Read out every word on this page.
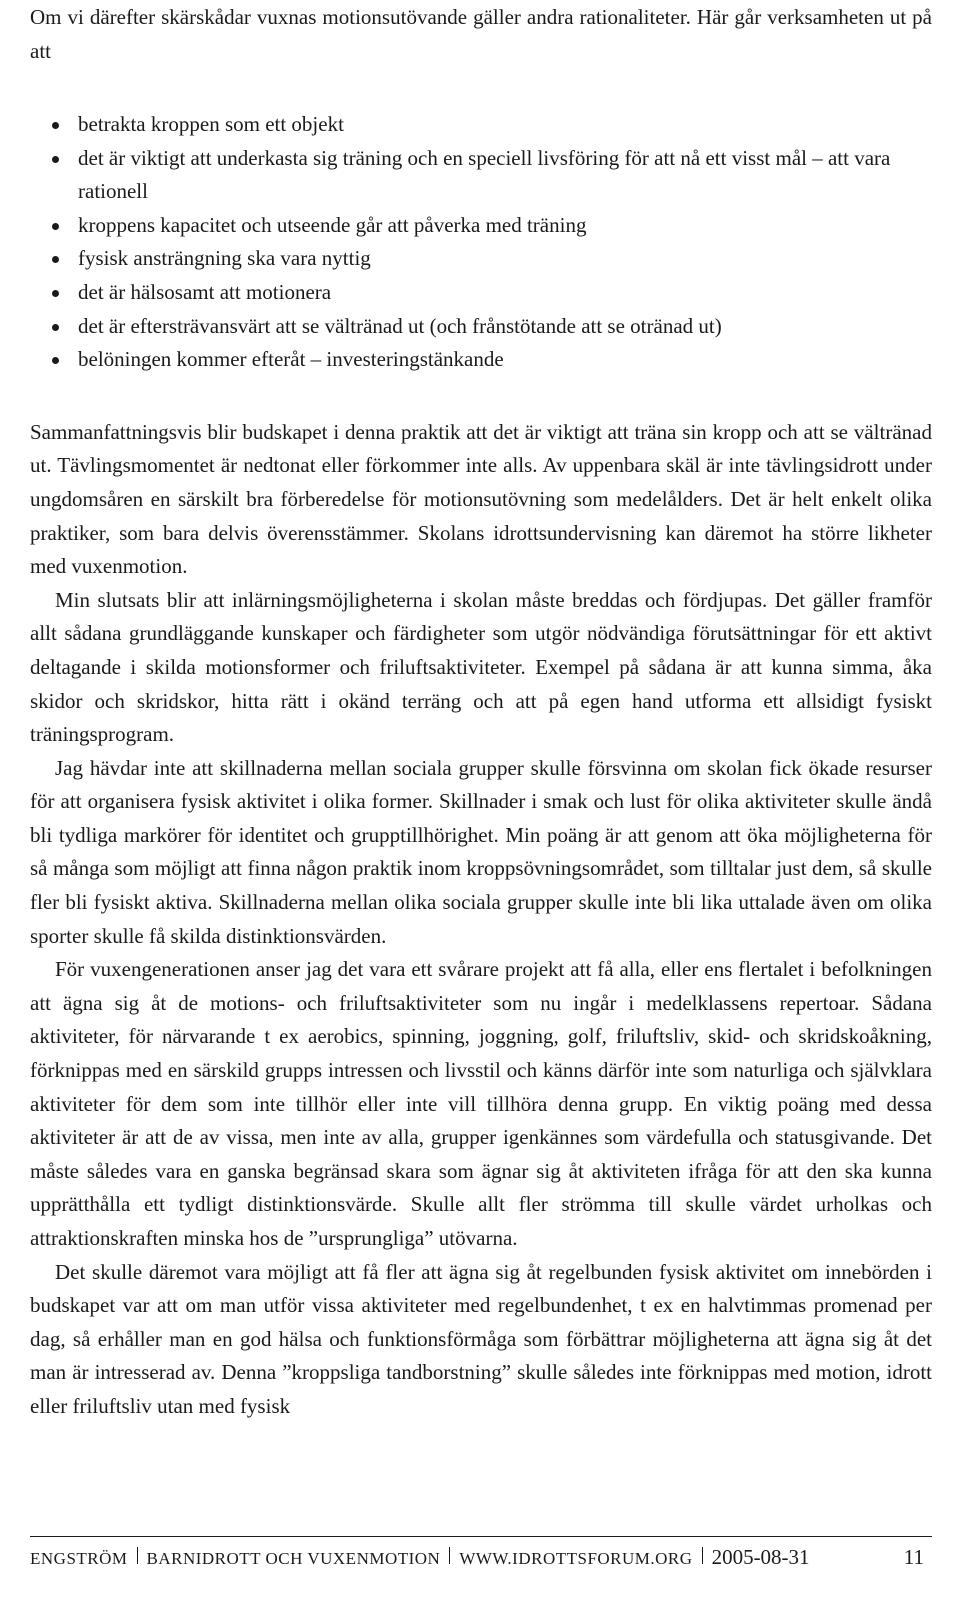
Om vi därefter skärskådar vuxnas motionsutövande gäller andra rationaliteter. Här går verksamheten ut på att

betrakta kroppen som ett objekt
det är viktigt att underkasta sig träning och en speciell livsföring för att nå ett visst mål – att vara rationell
kroppens kapacitet och utseende går att påverka med träning
fysisk ansträngning ska vara nyttig
det är hälsosamt att motionera
det är eftersträvansvärt att se vältränad ut (och frånstötande att se otränad ut)
belöningen kommer efteråt – investeringstänkande

Sammanfattningsvis blir budskapet i denna praktik att det är viktigt att träna sin kropp och att se vältränad ut. Tävlingsmomentet är nedtonat eller förkommer inte alls. Av uppenbara skäl är inte tävlingsidrott under ungdomsåren en särskilt bra förberedelse för motionsutövning som medelålders. Det är helt enkelt olika praktiker, som bara delvis överensstämmer. Skolans idrottsundervisning kan däremot ha större likheter med vuxenmotion.

Min slutsats blir att inlärningsmöjligheterna i skolan måste breddas och fördjupas. Det gäller framför allt sådana grundläggande kunskaper och färdigheter som utgör nödvändiga förutsättningar för ett aktivt deltagande i skilda motionsformer och friluftsaktiviteter. Exempel på sådana är att kunna simma, åka skidor och skridskor, hitta rätt i okänd terräng och att på egen hand utforma ett allsidigt fysiskt träningsprogram.

Jag hävdar inte att skillnaderna mellan sociala grupper skulle försvinna om skolan fick ökade resurser för att organisera fysisk aktivitet i olika former. Skillnader i smak och lust för olika aktiviteter skulle ändå bli tydliga markörer för identitet och grupptillhörighet. Min poäng är att genom att öka möjligheterna för så många som möjligt att finna någon praktik inom kroppsövningsområdet, som tilltalar just dem, så skulle fler bli fysiskt aktiva. Skillnaderna mellan olika sociala grupper skulle inte bli lika uttalade även om olika sporter skulle få skilda distinktionsvärden.

För vuxengenerationen anser jag det vara ett svårare projekt att få alla, eller ens flertalet i befolkningen att ägna sig åt de motions- och friluftsaktiviteter som nu ingår i medelklassens repertoar. Sådana aktiviteter, för närvarande t ex aerobics, spinning, joggning, golf, friluftsliv, skid- och skridskoåkning, förknippas med en särskild grupps intressen och livsstil och känns därför inte som naturliga och självklara aktiviteter för dem som inte tillhör eller inte vill tillhöra denna grupp. En viktig poäng med dessa aktiviteter är att de av vissa, men inte av alla, grupper igenkännes som värdefulla och statusgivande. Det måste således vara en ganska begränsad skara som ägnar sig åt aktiviteten ifråga för att den ska kunna upprätthålla ett tydligt distinktionsvärde. Skulle allt fler strömma till skulle värdet urholkas och attraktionskraften minska hos de ”ursprungliga” utövarna.

Det skulle däremot vara möjligt att få fler att ägna sig åt regelbunden fysisk aktivitet om innebörden i budskapet var att om man utför vissa aktiviteter med regelbundenhet, t ex en halvtimmas promenad per dag, så erhåller man en god hälsa och funktionsförmåga som förbättrar möjligheterna att ägna sig åt det man är intresserad av. Denna ”kroppsliga tandborstning” skulle således inte förknippas med motion, idrott eller friluftsliv utan med fysisk

ENGSTRÖM BARNIDROTT OCH VUXENMOTION WWW.IDROTTSFORUM.ORG 2005-08-31	11
